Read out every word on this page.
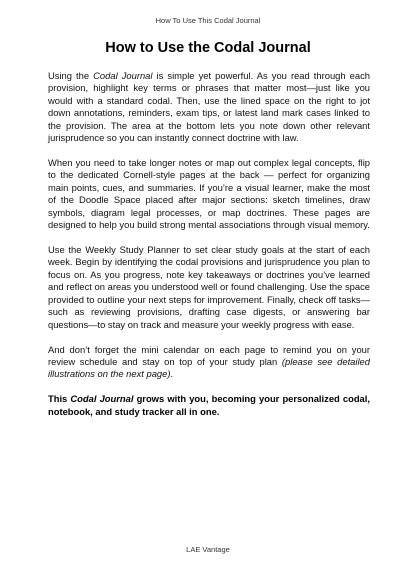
How To Use This Codal Journal
How to Use the Codal Journal

Using the Codal Journal is simple yet powerful. As you read through each provision, highlight key terms or phrases that matter most—just like you would with a standard codal. Then, use the lined space on the right to jot down annotations, reminders, exam tips, or latest land mark cases linked to the provision. The area at the bottom lets you note down other relevant jurisprudence so you can instantly connect doctrine with law.

When you need to take longer notes or map out complex legal concepts, flip to the dedicated Cornell-style pages at the back — perfect for organizing main points, cues, and summaries. If you’re a visual learner, make the most of the Doodle Space placed after major sections: sketch timelines, draw symbols, diagram legal processes, or map doctrines. These pages are designed to help you build strong mental associations through visual memory.

Use the Weekly Study Planner to set clear study goals at the start of each week. Begin by identifying the codal provisions and jurisprudence you plan to focus on. As you progress, note key takeaways or doctrines you’ve learned and reflect on areas you understood well or found challenging. Use the space provided to outline your next steps for improvement. Finally, check off tasks—such as reviewing provisions, drafting case digests, or answering bar questions—to stay on track and measure your weekly progress with ease.

And don’t forget the mini calendar on each page to remind you on your review schedule and stay on top of your study plan (please see detailed illustrations on the next page).

This Codal Journal grows with you, becoming your personalized codal, notebook, and study tracker all in one.

LAE Vantage
